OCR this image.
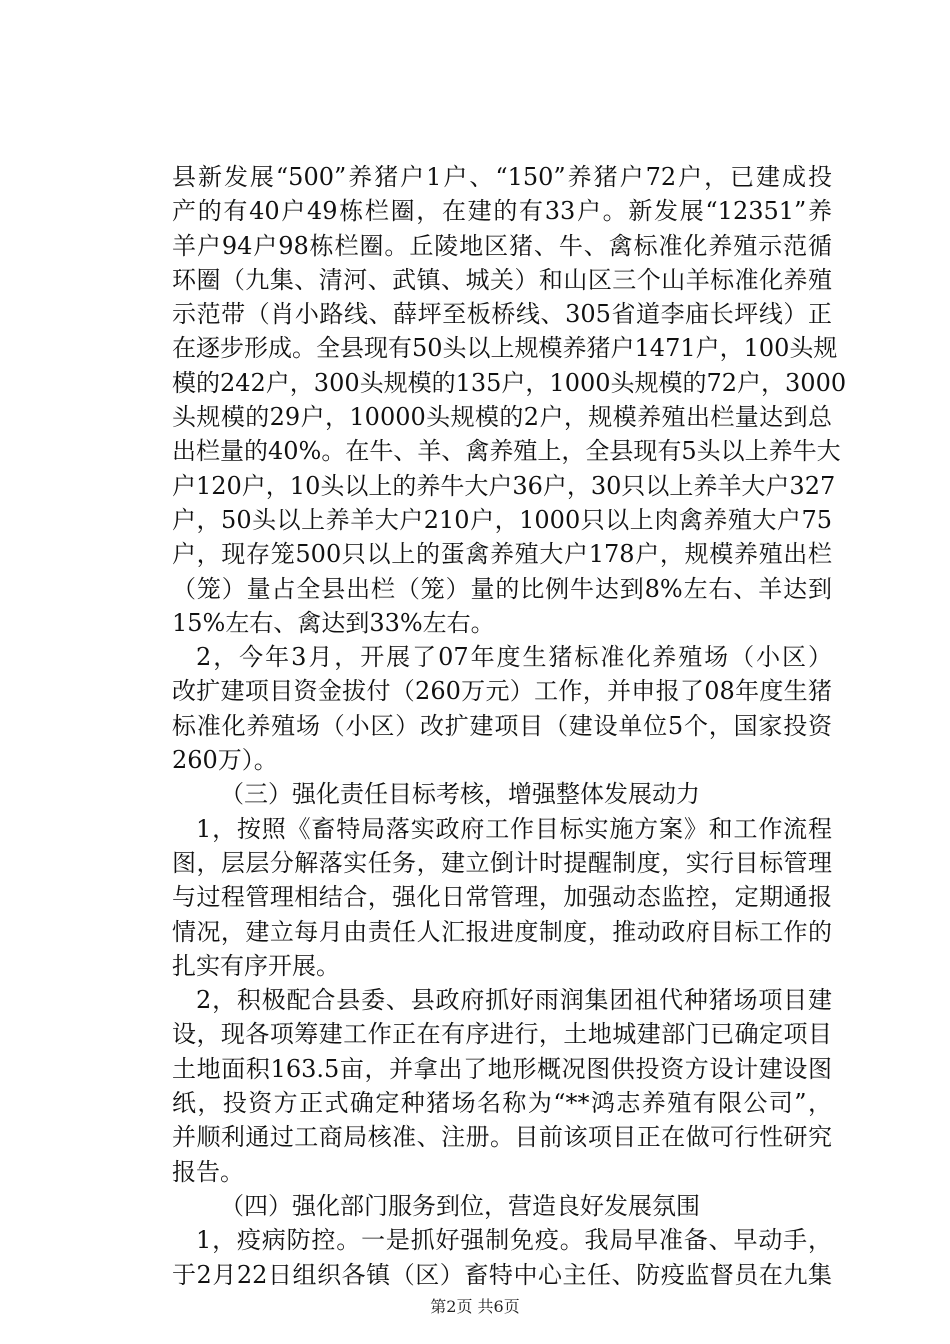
县新发展“500”养猪户1户、“150”养猪户72户，已建成投
产的有40户49栋栏圈，在建的有33户。新发展“12351”养
羊户94户98栋栏圈。丘陵地区猪、牛、禽标准化养殖示范循
环圈（九集、清河、武镇、城关）和山区三个山羊标准化养殖
示范带（肖小路线、薛坪至板桥线、305省道李庙长坪线）正
在逐步形成。全县现有50头以上规模养猪户1471户，100头规
模的242户，300头规模的135户，1000头规模的72户，3000
头规模的29户，10000头规模的2户，规模养殖出栏量达到总
出栏量的40%。在牛、羊、禽养殖上，全县现有5头以上养牛大
户120户，10头以上的养牛大户36户，30只以上养羊大户327
户，50头以上养羊大户210户，1000只以上肉禽养殖大户75
户，现存笼500只以上的蛋禽养殖大户178户，规模养殖出栏
（笼）量占全县出栏（笼）量的比例牛达到8%左右、羊达到
15%左右、禽达到33%左右。
2，今年3月，开展了07年度生猪标准化养殖场（小区）
改扩建项目资金拔付（260万元）工作，并申报了08年度生猪
标准化养殖场（小区）改扩建项目（建设单位5个，国家投资
260万）。
（三）强化责任目标考核，增强整体发展动力
1，按照《畜特局落实政府工作目标实施方案》和工作流程
图，层层分解落实任务，建立倒计时提醒制度，实行目标管理
与过程管理相结合，强化日常管理，加强动态监控，定期通报
情况，建立每月由责任人汇报进度制度，推动政府目标工作的
扎实有序开展。
2，积极配合县委、县政府抓好雨润集团祖代种猪场项目建
设，现各项筹建工作正在有序进行，土地城建部门已确定项目
土地面积163.5亩，并拿出了地形概况图供投资方设计建设图
纸，投资方正式确定种猪场名称为“**鸿志养殖有限公司”，
并顺利通过工商局核准、注册。目前该项目正在做可行性研究
报告。
（四）强化部门服务到位，营造良好发展氛围
1，疫病防控。一是抓好强制免疫。我局早准备、早动手，
于2月22日组织各镇（区）畜特中心主任、防疫监督员在九集
第2页 共6页
